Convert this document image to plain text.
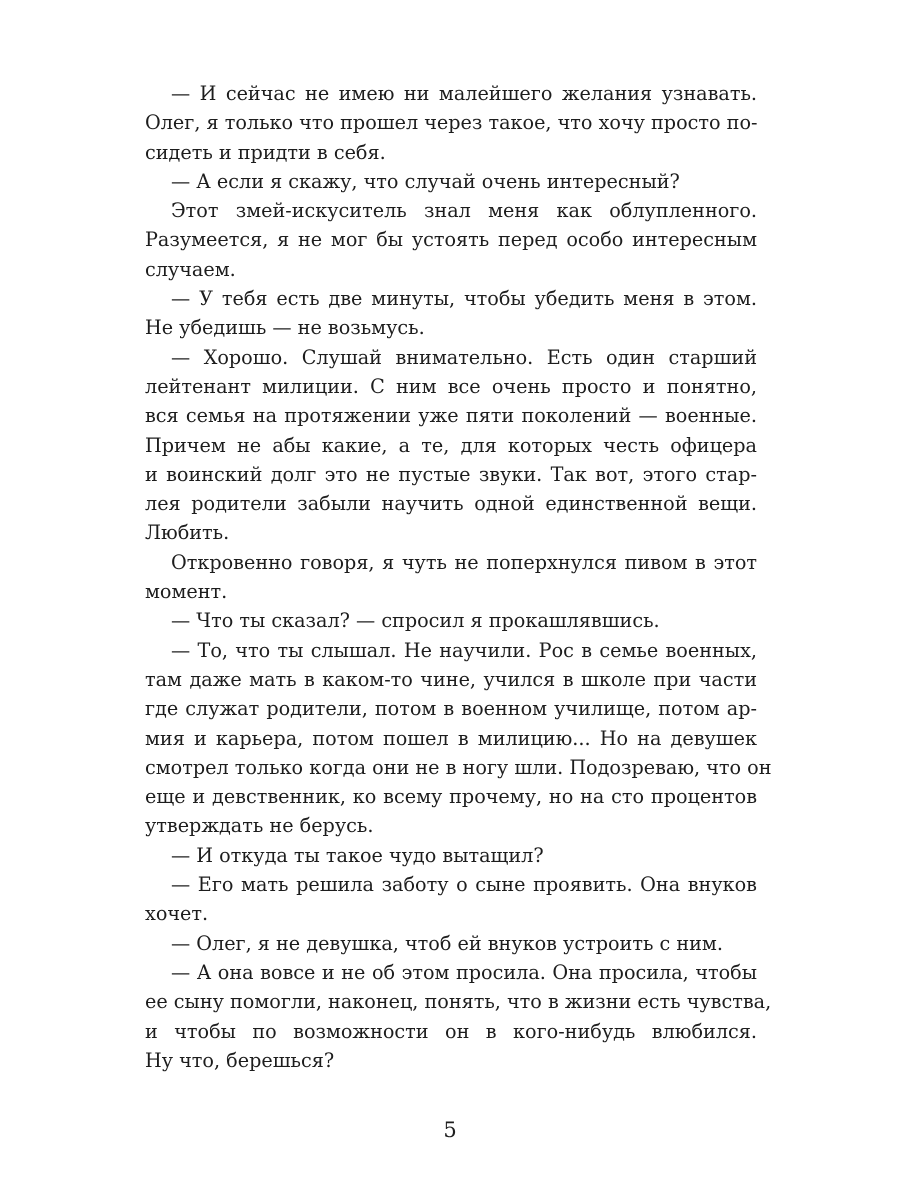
— И сейчас не имею ни малейшего желания узнавать.
Олег, я только что прошел через такое, что хочу просто по-
сидеть и придти в себя.
— А если я скажу, что случай очень интересный?
Этот змей-искуситель знал меня как облупленного.
Разумеется, я не мог бы устоять перед особо интересным
случаем.
— У тебя есть две минуты, чтобы убедить меня в этом.
Не убедишь — не возьмусь.
— Хорошо. Слушай внимательно. Есть один старший
лейтенант милиции. С ним все очень просто и понятно,
вся семья на протяжении уже пяти поколений — военные.
Причем не абы какие, а те, для которых честь офицера
и воинский долг это не пустые звуки. Так вот, этого стар-
лея родители забыли научить одной единственной вещи.
Любить.
Откровенно говоря, я чуть не поперхнулся пивом в этот
момент.
— Что ты сказал? — спросил я прокашлявшись.
— То, что ты слышал. Не научили. Рос в семье военных,
там даже мать в каком-то чине, учился в школе при части
где служат родители, потом в военном училище, потом ар-
мия и карьера, потом пошел в милицию... Но на девушек
смотрел только когда они не в ногу шли. Подозреваю, что он
еще и девственник, ко всему прочему, но на сто процентов
утверждать не берусь.
— И откуда ты такое чудо вытащил?
— Его мать решила заботу о сыне проявить. Она внуков
хочет.
— Олег, я не девушка, чтоб ей внуков устроить с ним.
— А она вовсе и не об этом просила. Она просила, чтобы
ее сыну помогли, наконец, понять, что в жизни есть чувства,
и чтобы по возможности он в кого-нибудь влюбился.
Ну что, берешься?
5
